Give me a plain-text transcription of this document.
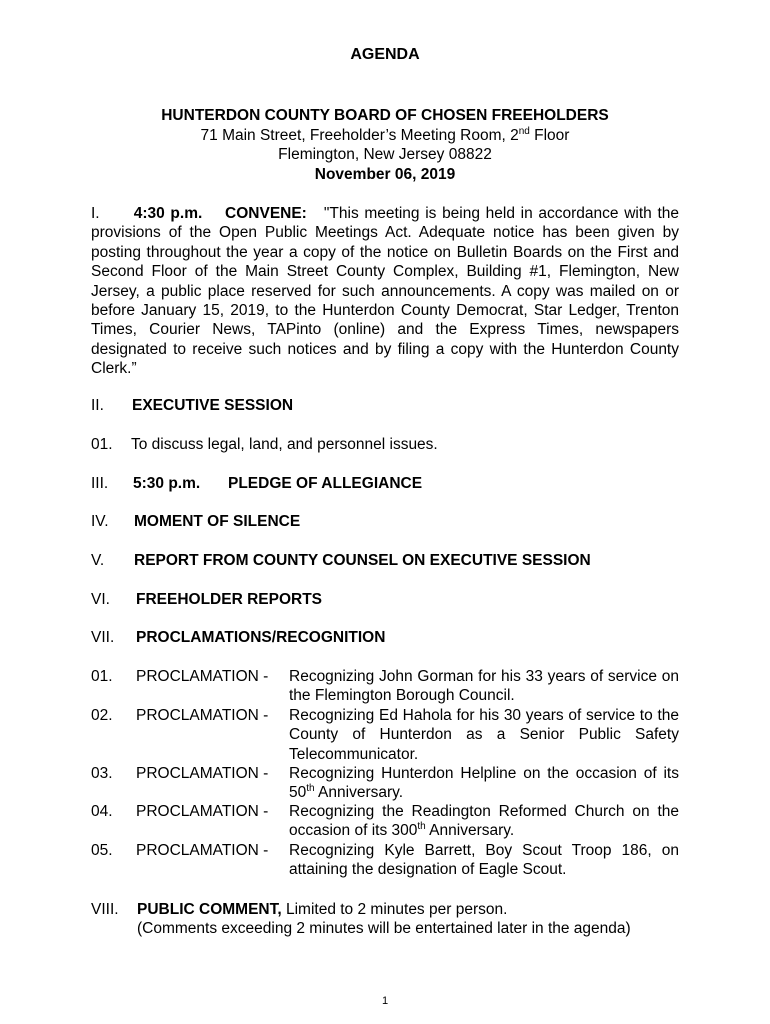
AGENDA
HUNTERDON COUNTY BOARD OF CHOSEN FREEHOLDERS
71 Main Street, Freeholder’s Meeting Room, 2nd Floor
Flemington, New Jersey 08822
November 06, 2019
I. 4:30 p.m. CONVENE: "This meeting is being held in accordance with the provisions of the Open Public Meetings Act. Adequate notice has been given by posting throughout the year a copy of the notice on Bulletin Boards on the First and Second Floor of the Main Street County Complex, Building #1, Flemington, New Jersey, a public place reserved for such announcements. A copy was mailed on or before January 15, 2019, to the Hunterdon County Democrat, Star Ledger, Trenton Times, Courier News, TAPinto (online) and the Express Times, newspapers designated to receive such notices and by filing a copy with the Hunterdon County Clerk.”
II. EXECUTIVE SESSION
01. To discuss legal, land, and personnel issues.
III. 5:30 p.m. PLEDGE OF ALLEGIANCE
IV. MOMENT OF SILENCE
V. REPORT FROM COUNTY COUNSEL ON EXECUTIVE SESSION
VI. FREEHOLDER REPORTS
VII. PROCLAMATIONS/RECOGNITION
01. PROCLAMATION - Recognizing John Gorman for his 33 years of service on the Flemington Borough Council.
02. PROCLAMATION - Recognizing Ed Hahola for his 30 years of service to the County of Hunterdon as a Senior Public Safety Telecommunicator.
03. PROCLAMATION - Recognizing Hunterdon Helpline on the occasion of its 50th Anniversary.
04. PROCLAMATION - Recognizing the Readington Reformed Church on the occasion of its 300th Anniversary.
05. PROCLAMATION - Recognizing Kyle Barrett, Boy Scout Troop 186, on attaining the designation of Eagle Scout.
VIII. PUBLIC COMMENT, Limited to 2 minutes per person.
(Comments exceeding 2 minutes will be entertained later in the agenda)
1
